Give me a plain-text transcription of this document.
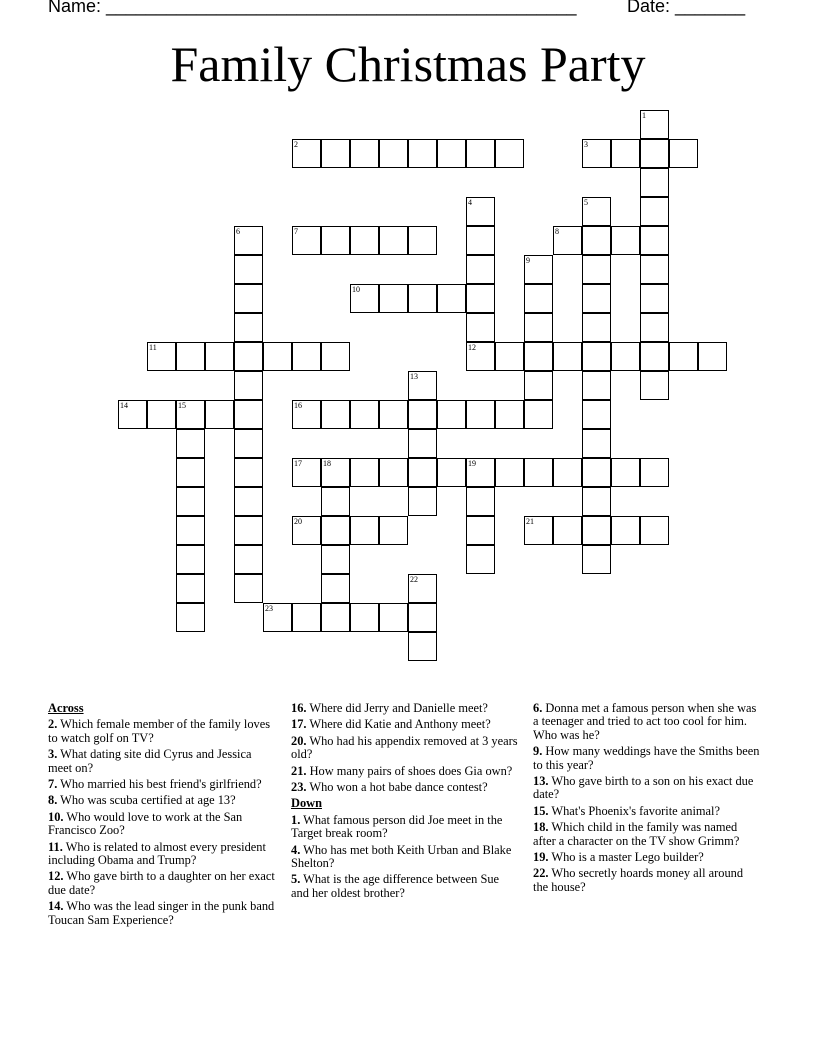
Name: _______________________________________________	Date: _______
Family Christmas Party
2	3
7	8
10
11	12
14	15	16
17	18	19
20	21
23
1
4	5
6
9
13
22
Across
2. Which female member of the family loves to watch golf on TV?
3. What dating site did Cyrus and Jessica meet on?
7. Who married his best friend's girlfriend?
8. Who was scuba certified at age 13?
10. Who would love to work at the San Francisco Zoo?
11. Who is related to almost every president including Obama and Trump?
12. Who gave birth to a daughter on her exact due date?
14. Who was the lead singer in the punk band Toucan Sam Experience?
16. Where did Jerry and Danielle meet?
17. Where did Katie and Anthony meet?
20. Who had his appendix removed at 3 years old?
21. How many pairs of shoes does Gia own?
23. Who won a hot babe dance contest?
Down
1. What famous person did Joe meet in the Target break room?
4. Who has met both Keith Urban and Blake Shelton?
5. What is the age difference between Sue and her oldest brother?
6. Donna met a famous person when she was a teenager and tried to act too cool for him. Who was he?
9. How many weddings have the Smiths been to this year?
13. Who gave birth to a son on his exact due date?
15. What's Phoenix's favorite animal?
18. Which child in the family was named after a character on the TV show Grimm?
19. Who is a master Lego builder?
22. Who secretly hoards money all around the house?
